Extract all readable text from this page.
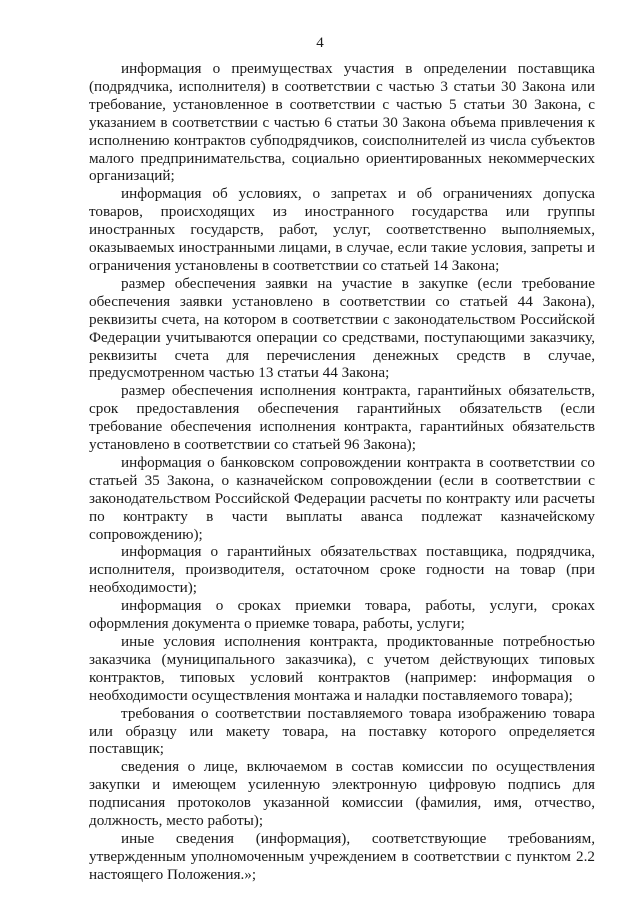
4

информация о преимуществах участия в определении поставщика (подрядчика, исполнителя) в соответствии с частью 3 статьи 30 Закона или требование, установленное в соответствии с частью 5 статьи 30 Закона, с указанием в соответствии с частью 6 статьи 30 Закона объема привлечения к исполнению контрактов субподрядчиков, соисполнителей из числа субъектов малого предпринимательства, социально ориентированных некоммерческих организаций;

информация об условиях, о запретах и об ограничениях допуска товаров, происходящих из иностранного государства или группы иностранных государств, работ, услуг, соответственно выполняемых, оказываемых иностранными лицами, в случае, если такие условия, запреты и ограничения установлены в соответствии со статьей 14 Закона;

размер обеспечения заявки на участие в закупке (если требование обеспечения заявки установлено в соответствии со статьей 44 Закона), реквизиты счета, на котором в соответствии с законодательством Российской Федерации учитываются операции со средствами, поступающими заказчику, реквизиты счета для перечисления денежных средств в случае, предусмотренном частью 13 статьи 44 Закона;

размер обеспечения исполнения контракта, гарантийных обязательств, срок предоставления обеспечения гарантийных обязательств (если требование обеспечения исполнения контракта, гарантийных обязательств установлено в соответствии со статьей 96 Закона);

информация о банковском сопровождении контракта в соответствии со статьей 35 Закона, о казначейском сопровождении (если в соответствии с законодательством Российской Федерации расчеты по контракту или расчеты по контракту в части выплаты аванса подлежат казначейскому сопровождению);

информация о гарантийных обязательствах поставщика, подрядчика, исполнителя, производителя, остаточном сроке годности на товар (при необходимости);

информация о сроках приемки товара, работы, услуги, сроках оформления документа о приемке товара, работы, услуги;

иные условия исполнения контракта, продиктованные потребностью заказчика (муниципального заказчика), с учетом действующих типовых контрактов, типовых условий контрактов (например: информация о необходимости осуществления монтажа и наладки поставляемого товара);

требования о соответствии поставляемого товара изображению товара или образцу или макету товара, на поставку которого определяется поставщик;

сведения о лице, включаемом в состав комиссии по осуществления закупки и имеющем усиленную электронную цифровую подпись для подписания протоколов указанной комиссии (фамилия, имя, отчество, должность, место работы);

иные сведения (информация), соответствующие требованиям, утвержденным уполномоченным учреждением в соответствии с пунктом 2.2 настоящего Положения.»;
